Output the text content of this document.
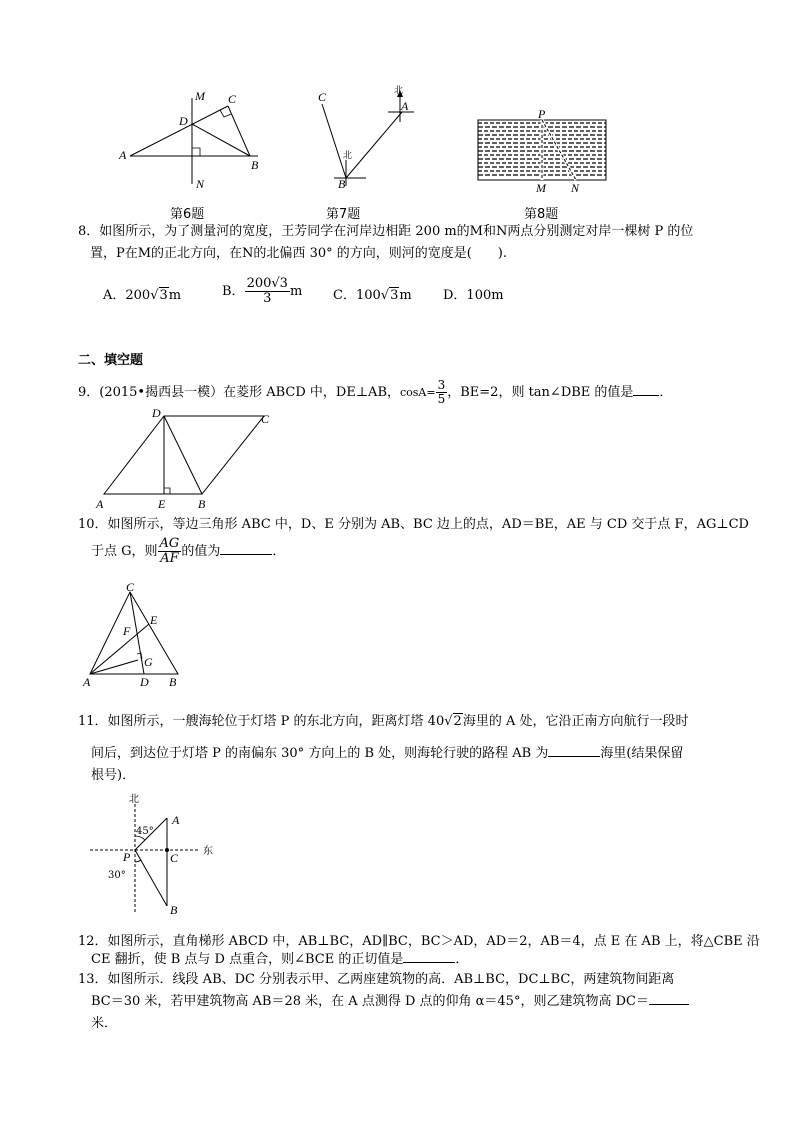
M C
D
A
B
N
第6题
C
北
北
A
B
第7题
P
M N
第8题
8．如图所示，为了测量河的宽度，王芳同学在河岸边相距 200 m的M和N两点分别测定对岸一棵树 P 的位
置，P在M的正北方向，在N的北偏西 30° 的方向，则河的宽度是(　　).
A．200√3m	B． $\frac{200√3}{3}$ m C．100√3m D．100m
二、填空题
9．(2015•揭西县一模）在菱形 ABCD 中，DE⊥AB，$\cos A= \frac{3}{5}$ ，BE=2，则 tan∠DBE 的值是 ．
D	C
A	E	B
10．如图所示，等边三角形 ABC 中，D、E 分别为 AB、BC 边上的点，AD＝BE，AE 与 CD 交于点 F，AG⊥CD
于点 G，则 $\frac{AG}{AF}$ 的值为	．
C
E
F
G
A	D B
11．如图所示，一艘海轮位于灯塔 P 的东北方向，距离灯塔 40√2海里的 A 处，它沿正南方向航行一段时
间后，到达位于灯塔 P 的南偏东 30° 方向上的 B 处，则海轮行驶的路程 AB 为	海里(结果保留
根号)．
北
东
45°
A
P	C
30°
B
12．如图所示，直角梯形 ABCD 中，AB⊥BC，AD∥BC，BC＞AD，AD＝2，AB＝4，点 E 在 AB 上，将△CBE 沿
CE 翻折，使 B 点与 D 点重合，则∠BCE 的正切值是	．
13．如图所示．线段 AB、DC 分别表示甲、乙两座建筑物的高．AB⊥BC，DC⊥BC，两建筑物间距离
BC＝30 米，若甲建筑物高 AB＝28 米，在 A 点测得 D 点的仰角 α＝45°，则乙建筑物高 DC＝
米．
